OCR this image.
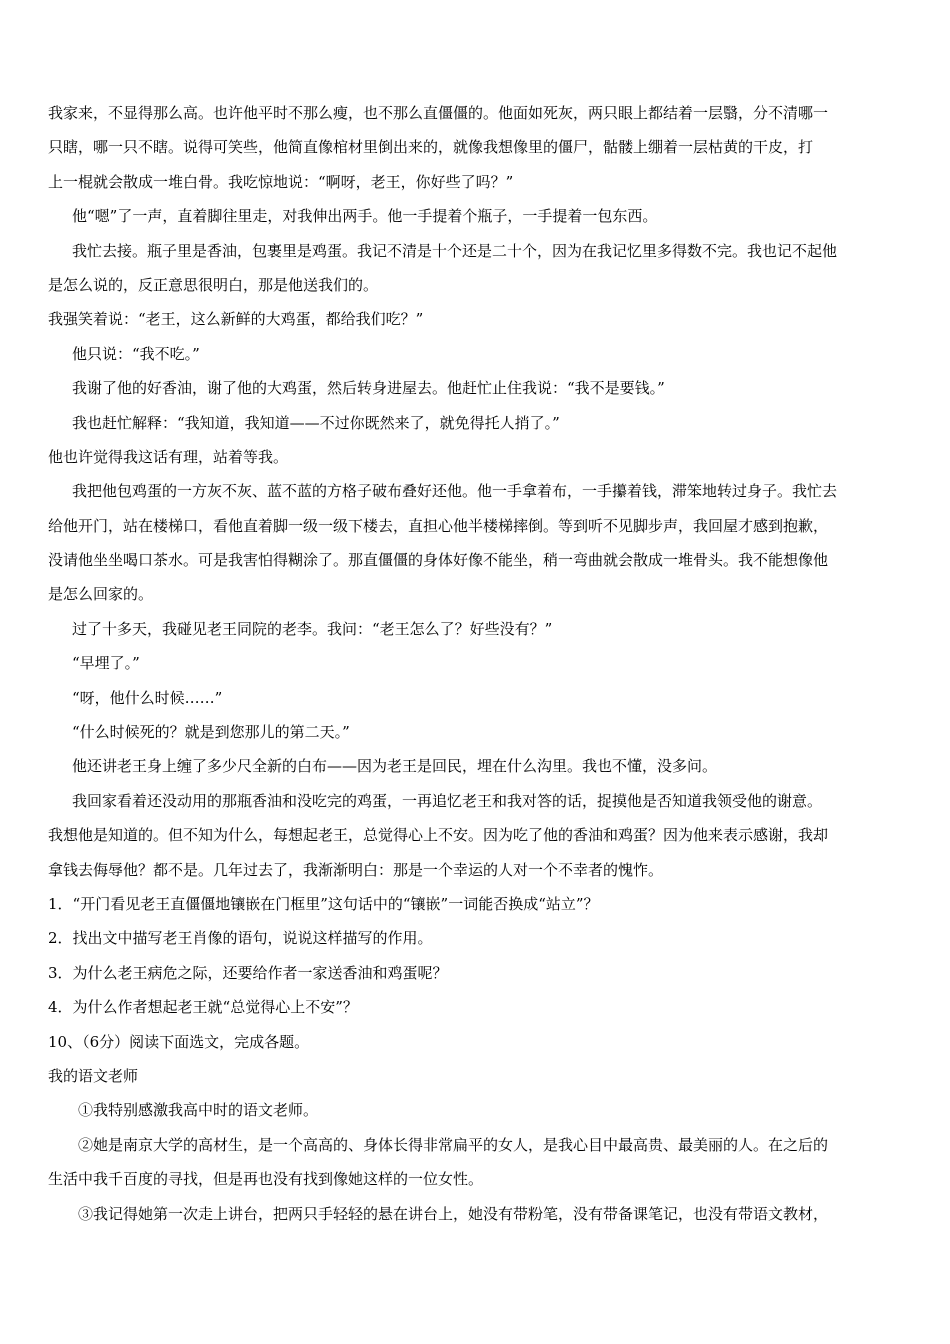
我家来，不显得那么高。也许他平时不那么瘦，也不那么直僵僵的。他面如死灰，两只眼上都结着一层翳，分不清哪一
只瞎，哪一只不瞎。说得可笑些，他简直像棺材里倒出来的，就像我想像里的僵尸，骷髅上绷着一层枯黄的干皮，打
上一棍就会散成一堆白骨。我吃惊地说：“啊呀，老王，你好些了吗？”
他“嗯”了一声，直着脚往里走，对我伸出两手。他一手提着个瓶子，一手提着一包东西。
我忙去接。瓶子里是香油，包裹里是鸡蛋。我记不清是十个还是二十个，因为在我记忆里多得数不完。我也记不起他
是怎么说的，反正意思很明白，那是他送我们的。
我强笑着说：“老王，这么新鲜的大鸡蛋，都给我们吃？”
他只说：“我不吃。”
我谢了他的好香油，谢了他的大鸡蛋，然后转身进屋去。他赶忙止住我说：“我不是要钱。”
我也赶忙解释：“我知道，我知道——不过你既然来了，就免得托人捎了。”
他也许觉得我这话有理，站着等我。
我把他包鸡蛋的一方灰不灰、蓝不蓝的方格子破布叠好还他。他一手拿着布，一手攥着钱，滞笨地转过身子。我忙去
给他开门，站在楼梯口，看他直着脚一级一级下楼去，直担心他半楼梯摔倒。等到听不见脚步声，我回屋才感到抱歉，
没请他坐坐喝口茶水。可是我害怕得糊涂了。那直僵僵的身体好像不能坐，稍一弯曲就会散成一堆骨头。我不能想像他
是怎么回家的。
过了十多天，我碰见老王同院的老李。我问：“老王怎么了？好些没有？”
“早埋了。”
“呀，他什么时候……”
“什么时候死的？就是到您那儿的第二天。”
他还讲老王身上缠了多少尺全新的白布——因为老王是回民，埋在什么沟里。我也不懂，没多问。
我回家看着还没动用的那瓶香油和没吃完的鸡蛋，一再追忆老王和我对答的话，捉摸他是否知道我领受他的谢意。
我想他是知道的。但不知为什么，每想起老王，总觉得心上不安。因为吃了他的香油和鸡蛋？因为他来表示感谢，我却
拿钱去侮辱他？都不是。几年过去了，我渐渐明白：那是一个幸运的人对一个不幸者的愧怍。
1．“开门看见老王直僵僵地镶嵌在门框里”这句话中的“镶嵌”一词能否换成“站立”？
2．找出文中描写老王肖像的语句，说说这样描写的作用。
3．为什么老王病危之际，还要给作者一家送香油和鸡蛋呢？
4．为什么作者想起老王就“总觉得心上不安”？
10、（6分）阅读下面选文，完成各题。
我的语文老师
①我特别感激我高中时的语文老师。
②她是南京大学的高材生，是一个高高的、身体长得非常扁平的女人，是我心目中最高贵、最美丽的人。在之后的
生活中我千百度的寻找，但是再也没有找到像她这样的一位女性。
③我记得她第一次走上讲台，把两只手轻轻的悬在讲台上，她没有带粉笔，没有带备课笔记，也没有带语文教材，
